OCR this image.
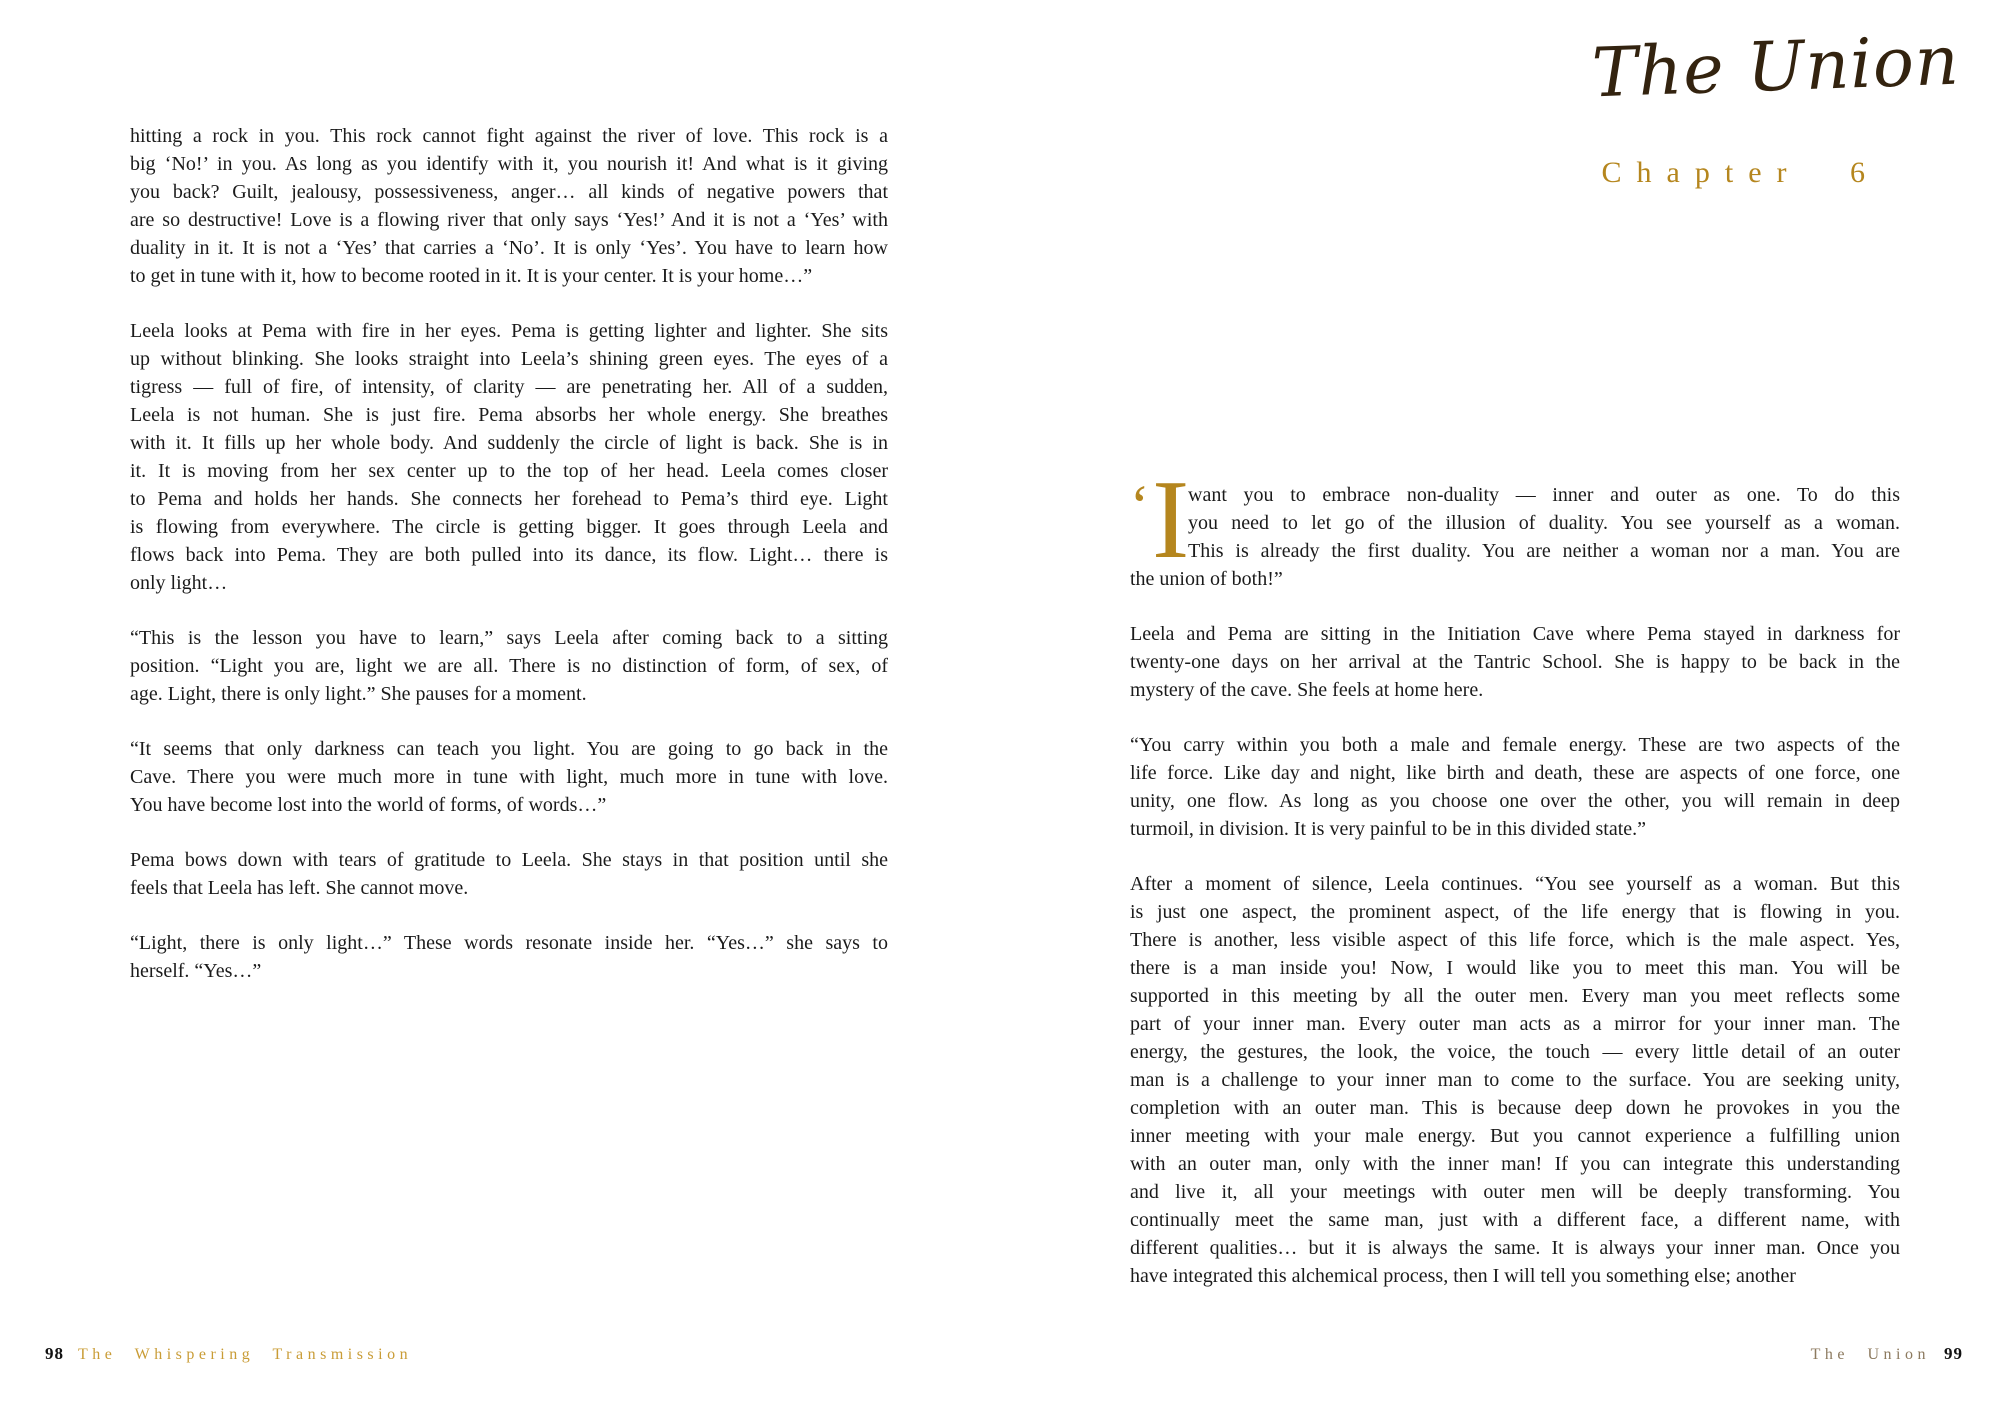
The Union
Chapter 6
hitting a rock in you. This rock cannot fight against the river of love. This rock is a
big ‘No!’ in you. As long as you identify with it, you nourish it! And what is it giving
you back? Guilt, jealousy, possessiveness, anger… all kinds of negative powers that
are so destructive! Love is a flowing river that only says ‘Yes!’ And it is not a ‘Yes’ with
duality in it. It is not a ‘Yes’ that carries a ‘No’. It is only ‘Yes’. You have to learn how
to get in tune with it, how to become rooted in it. It is your center. It is your home…”
Leela looks at Pema with fire in her eyes. Pema is getting lighter and lighter. She sits
up without blinking. She looks straight into Leela’s shining green eyes. The eyes of a
tigress — full of fire, of intensity, of clarity — are penetrating her. All of a sudden,
Leela is not human. She is just fire. Pema absorbs her whole energy. She breathes
with it. It fills up her whole body. And suddenly the circle of light is back. She is in
it. It is moving from her sex center up to the top of her head. Leela comes closer
to Pema and holds her hands. She connects her forehead to Pema’s third eye. Light
is flowing from everywhere. The circle is getting bigger. It goes through Leela and
flows back into Pema. They are both pulled into its dance, its flow. Light… there is
only light…
“This is the lesson you have to learn,” says Leela after coming back to a sitting
position. “Light you are, light we are all. There is no distinction of form, of sex, of
age. Light, there is only light.” She pauses for a moment.
“It seems that only darkness can teach you light. You are going to go back in the
Cave. There you were much more in tune with light, much more in tune with love.
You have become lost into the world of forms, of words…”
Pema bows down with tears of gratitude to Leela. She stays in that position until she
feels that Leela has left. She cannot move.
“Light, there is only light…” These words resonate inside her. “Yes…” she says to
herself. “Yes…”
‘ I
want you to embrace non-duality — inner and outer as one. To do this
you need to let go of the illusion of duality. You see yourself as a woman.
This is already the first duality. You are neither a woman nor a man. You are
the union of both!”
Leela and Pema are sitting in the Initiation Cave where Pema stayed in darkness for
twenty-one days on her arrival at the Tantric School. She is happy to be back in the
mystery of the cave. She feels at home here.
“You carry within you both a male and female energy. These are two aspects of the
life force. Like day and night, like birth and death, these are aspects of one force, one
unity, one flow. As long as you choose one over the other, you will remain in deep
turmoil, in division. It is very painful to be in this divided state.”
After a moment of silence, Leela continues. “You see yourself as a woman. But this
is just one aspect, the prominent aspect, of the life energy that is flowing in you.
There is another, less visible aspect of this life force, which is the male aspect. Yes,
there is a man inside you! Now, I would like you to meet this man. You will be
supported in this meeting by all the outer men. Every man you meet reflects some
part of your inner man. Every outer man acts as a mirror for your inner man. The
energy, the gestures, the look, the voice, the touch — every little detail of an outer
man is a challenge to your inner man to come to the surface. You are seeking unity,
completion with an outer man. This is because deep down he provokes in you the
inner meeting with your male energy. But you cannot experience a fulfilling union
with an outer man, only with the inner man! If you can integrate this understanding
and live it, all your meetings with outer men will be deeply transforming. You
continually meet the same man, just with a different face, a different name, with
different qualities… but it is always the same. It is always your inner man. Once you
have integrated this alchemical process, then I will tell you something else; another
98 The Whispering Transmission	The Union 99
